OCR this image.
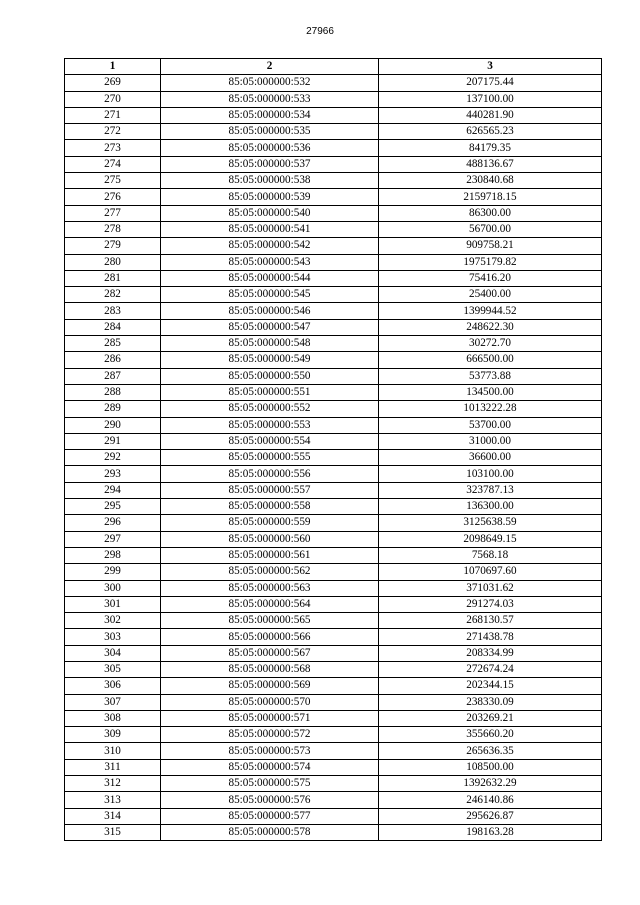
27966
1	2	3
269	85:05:000000:532	207175.44
270	85:05:000000:533	137100.00
271	85:05:000000:534	440281.90
272	85:05:000000:535	626565.23
273	85:05:000000:536	84179.35
274	85:05:000000:537	488136.67
275	85:05:000000:538	230840.68
276	85:05:000000:539	2159718.15
277	85:05:000000:540	86300.00
278	85:05:000000:541	56700.00
279	85:05:000000:542	909758.21
280	85:05:000000:543	1975179.82
281	85:05:000000:544	75416.20
282	85:05:000000:545	25400.00
283	85:05:000000:546	1399944.52
284	85:05:000000:547	248622.30
285	85:05:000000:548	30272.70
286	85:05:000000:549	666500.00
287	85:05:000000:550	53773.88
288	85:05:000000:551	134500.00
289	85:05:000000:552	1013222.28
290	85:05:000000:553	53700.00
291	85:05:000000:554	31000.00
292	85:05:000000:555	36600.00
293	85:05:000000:556	103100.00
294	85:05:000000:557	323787.13
295	85:05:000000:558	136300.00
296	85:05:000000:559	3125638.59
297	85:05:000000:560	2098649.15
298	85:05:000000:561	7568.18
299	85:05:000000:562	1070697.60
300	85:05:000000:563	371031.62
301	85:05:000000:564	291274.03
302	85:05:000000:565	268130.57
303	85:05:000000:566	271438.78
304	85:05:000000:567	208334.99
305	85:05:000000:568	272674.24
306	85:05:000000:569	202344.15
307	85:05:000000:570	238330.09
308	85:05:000000:571	203269.21
309	85:05:000000:572	355660.20
310	85:05:000000:573	265636.35
311	85:05:000000:574	108500.00
312	85:05:000000:575	1392632.29
313	85:05:000000:576	246140.86
314	85:05:000000:577	295626.87
315	85:05:000000:578	198163.28
